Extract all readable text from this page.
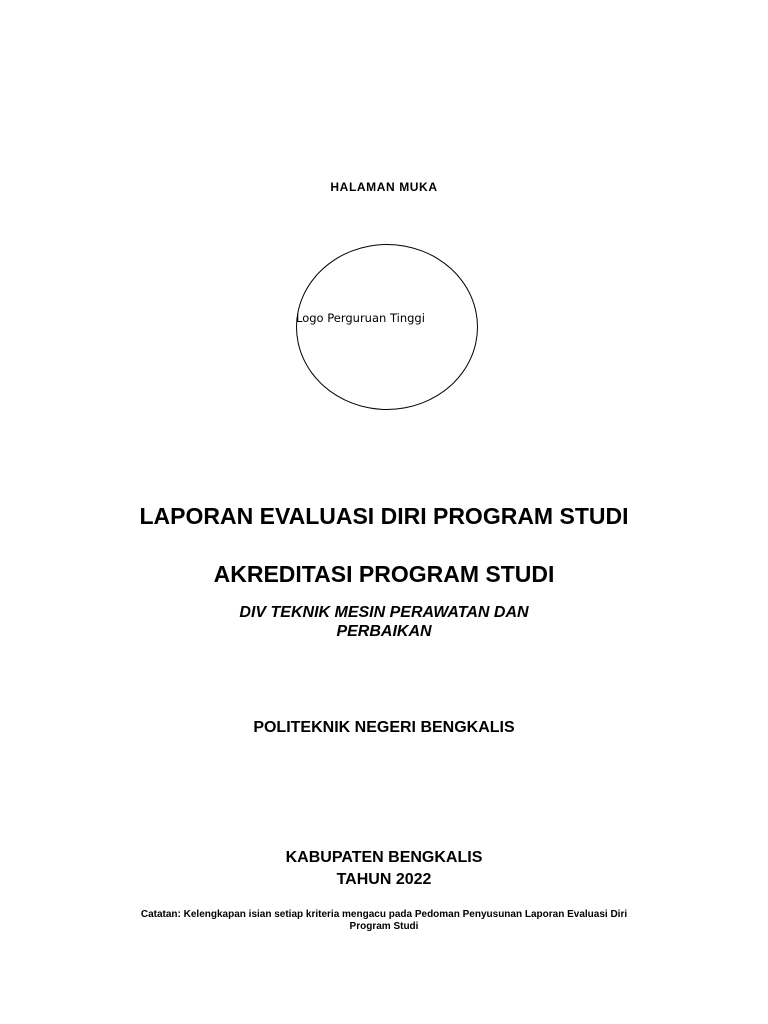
HALAMAN MUKA
Logo Perguruan Tinggi
LAPORAN EVALUASI DIRI PROGRAM STUDI
AKREDITASI PROGRAM STUDI
DIV TEKNIK MESIN PERAWATAN DAN
PERBAIKAN
POLITEKNIK NEGERI BENGKALIS
KABUPATEN BENGKALIS
TAHUN 2022
Catatan: Kelengkapan isian setiap kriteria mengacu pada Pedoman Penyusunan Laporan Evaluasi Diri
Program Studi
